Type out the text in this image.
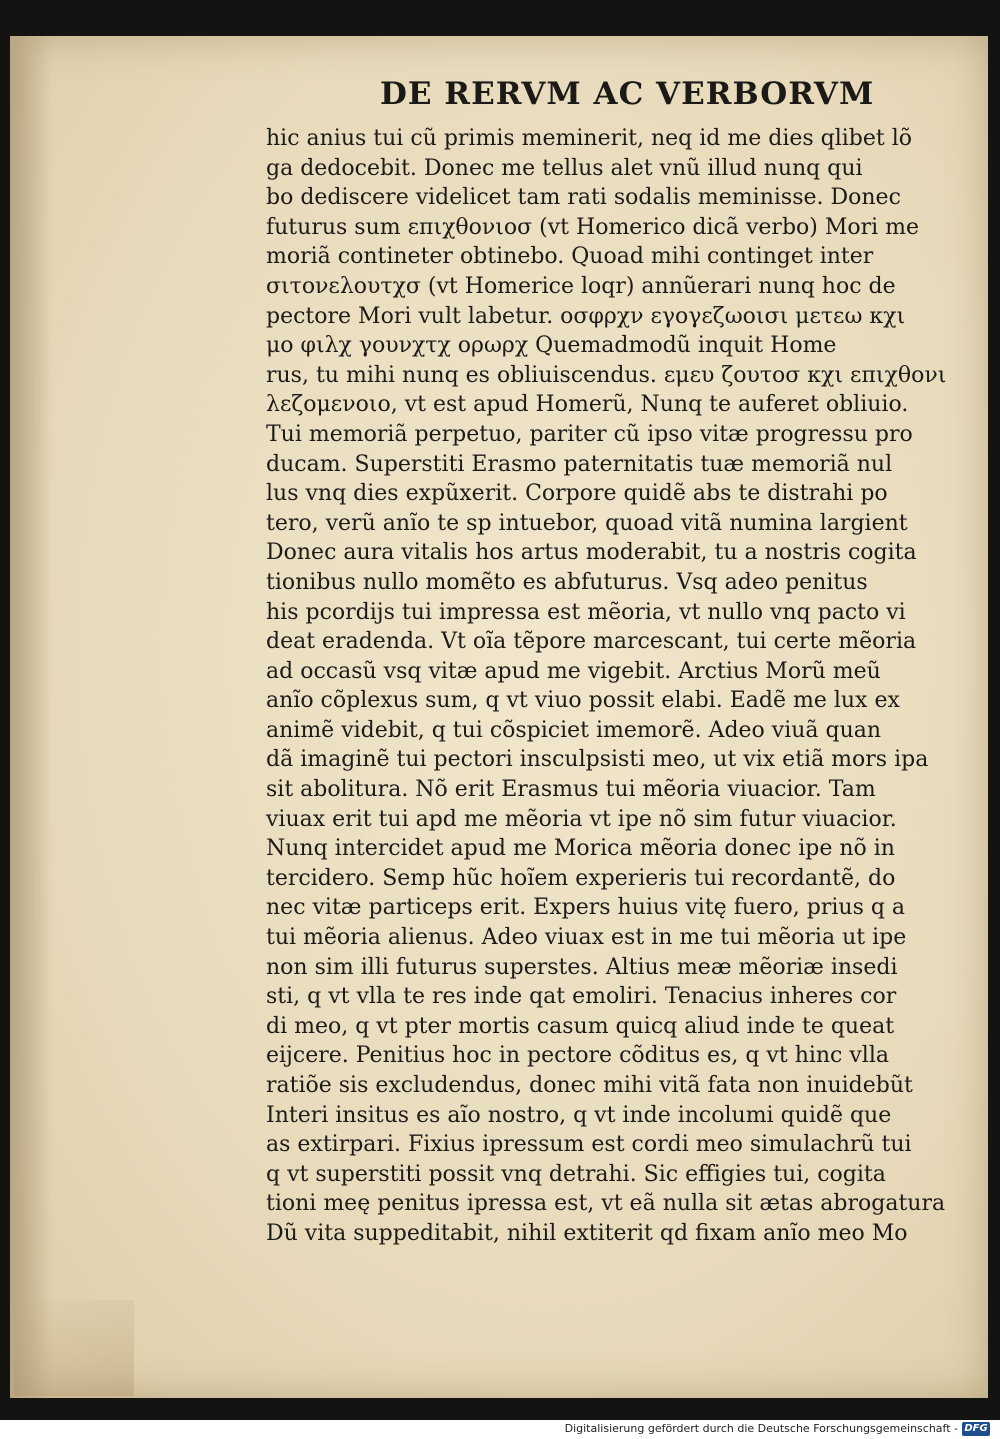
DE RERVM AC VERBORVM
hic anius tui cũ primis meminerit, neq id me dies qlibet lõ
ga dedocebit. Donec me tellus alet vnũ illud nunq qui
bo dediscere videlicet tam rati sodalis meminisse. Donec
futurus sum επιχθονιοσ (vt Homerico dicã verbo) Mori me
moriã contineter obtinebo. Quoad mihi continget inter
σιτονελουτχσ (vt Homerice loqr) annũerari nunq hoc de
pectore Mori vult labetur. οσφρχν εγογεζωοισι μετεω κχι
μο φιλχ γουνχτχ ορωρχ Quemadmodũ inquit Home
rus, tu mihi nunq es obliuiscendus. εμευ ζουτοσ κχι επιχθονι
λεζομενοιο, vt est apud Homerũ, Nunq te auferet obliuio.
Tui memoriã perpetuo, pariter cũ ipso vitæ progressu pro
ducam. Superstiti Erasmo paternitatis tuæ memoriã nul
lus vnq dies expũxerit. Corpore quidẽ abs te distrahi po
tero, verũ anĩo te sp intuebor, quoad vitã numina largient
Donec aura vitalis hos artus moderabit, tu a nostris cogita
tionibus nullo momẽto es abfuturus. Vsq adeo penitus
his pcordijs tui impressa est mẽoria, vt nullo vnq pacto vi
deat eradenda. Vt oĩa tẽpore marcescant, tui certe mẽoria
ad occasũ vsq vitæ apud me vigebit. Arctius Morũ meũ
anĩo cõplexus sum, q vt viuo possit elabi. Eadẽ me lux ex
animẽ videbit, q tui cõspiciet imemorẽ. Adeo viuã quan
dã imaginẽ tui pectori insculpsisti meo, ut vix etiã mors ipa
sit abolitura. Nõ erit Erasmus tui mẽoria viuacior. Tam
viuax erit tui apd me mẽoria vt ipe nõ sim futur viuacior.
Nunq intercidet apud me Morica mẽoria donec ipe nõ in
tercidero. Semp hũc hoĩem experieris tui recordantẽ, do
nec vitæ particeps erit. Expers huius vitę fuero, prius q a
tui mẽoria alienus. Adeo viuax est in me tui mẽoria ut ipe
non sim illi futurus superstes. Altius meæ mẽoriæ insedi
sti, q vt vlla te res inde qat emoliri. Tenacius inheres cor
di meo, q vt pter mortis casum quicq aliud inde te queat
eijcere. Penitius hoc in pectore cõditus es, q vt hinc vlla
ratiõe sis excludendus, donec mihi vitã fata non inuidebũt
Interi insitus es aĩo nostro, q vt inde incolumi quidẽ que
as extirpari. Fixius ipressum est cordi meo simulachrũ tui
q vt superstiti possit vnq detrahi. Sic effigies tui, cogita
tioni meę penitus ipressa est, vt eã nulla sit ætas abrogatura
Dũ vita suppeditabit, nihil extiterit qd fixam anĩo meo Mo
Digitalisierung gefördert durch die Deutsche Forschungsgemeinschaft - DFG
